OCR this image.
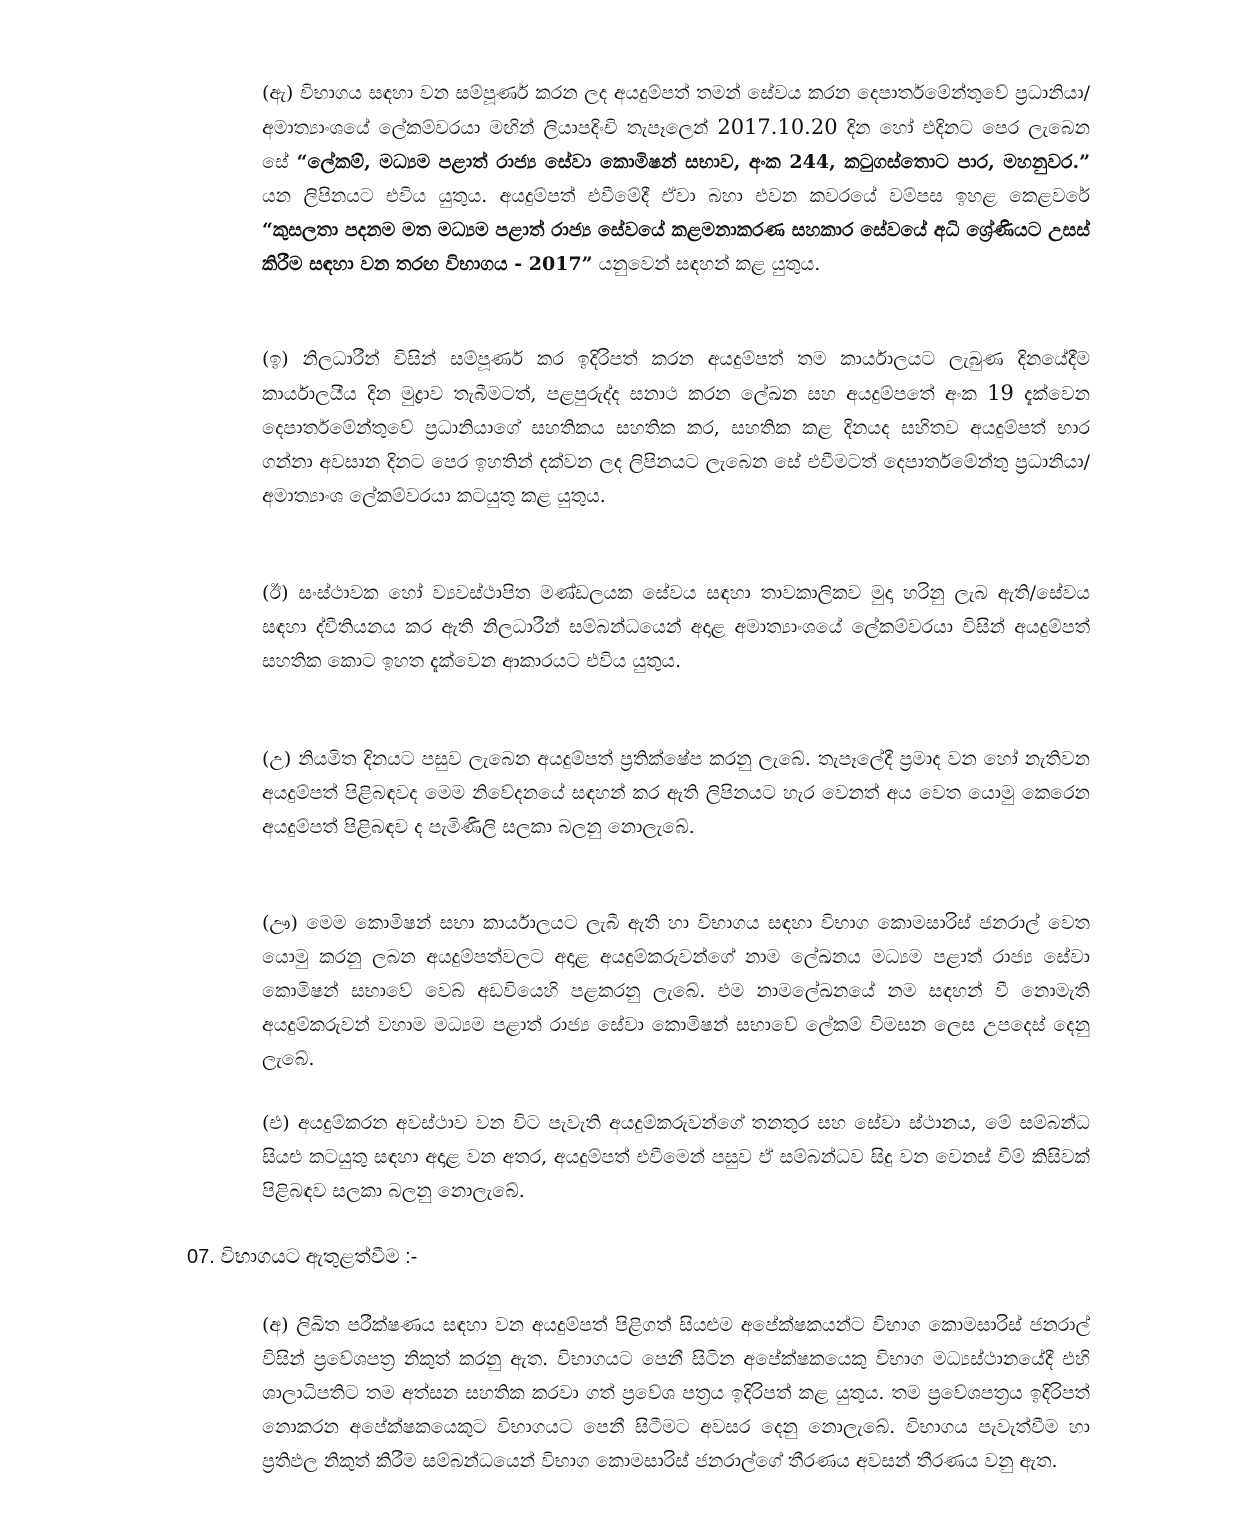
(ඇ) විභාගය සඳහා වන සම්පූර්ණ කරන ලද අයදුම්පත් තමන් සේවය කරන දෙපාර්තමේන්තුවේ ප්‍රධානියා/අමාත්‍යාංශයේ ලේකම්වරයා මඟින් ලියාපදිංචි තැපෑලෙන් 2017.10.20 දින හෝ එදිනට පෙර ලැබෙන සේ “ලේකම්, මධ්‍යම පළාත් රාජ්‍ය සේවා කොමිෂන් සභාව, අංක 244, කටුගස්තොට පාර, මහනුවර.” යන ලිපිනයට එවිය යුතුය. අයදුම්පත් එවීමේදී ඒවා බහා එවන කවරයේ වම්පස ඉහළ කෙළවරේ “කුසලතා පදනම මත මධ්‍යම පළාත් රාජ්‍ය සේවයේ කළමනාකරණ සහකාර සේවයේ අධි ශ්‍රේණියට උසස් කිරීම සඳහා වන තරඟ විභාගය - 2017” යනුවෙන් සඳහන් කළ යුතුය.

(ඉ) නිලධාරීන් විසින් සම්පූර්ණ කර ඉදිරිපත් කරන අයදුම්පත් තම කාර්යාලයට ලැබුණ දිනයේදීම කාර්යාලයීය දින මුද්‍රාව තැබීමටත්, පළපුරුද්ද සනාථ කරන ලේඛන සහ අයදුම්පතේ අංක 19 දැක්වෙන දෙපාර්තමේන්තුවේ ප්‍රධානියාගේ සහතිකය සහතික කර, සහතික කළ දිනයද සහිතව අයදුම්පත් භාර ගන්නා අවසාන දිනට පෙර ඉහතින් දක්වන ලද ලිපිනයට ලැබෙන සේ එවීමටත් දෙපාර්තමේන්තු ප්‍රධානියා/අමාත්‍යාංශ ලේකම්වරයා කටයුතු කළ යුතුය.

(ඊ) සංස්ථාවක හෝ ව්‍යවස්ථාපිත මණ්ඩලයක සේවය සඳහා තාවකාලිකව මුදා හරිනු ලැබ ඇති/සේවය සඳහා ද්වීතියනය කර ඇති නිලධාරීන් සම්බන්ධයෙන් අදාළ අමාත්‍යාංශයේ ලේකම්වරයා විසින් අයදුම්පත් සහතික කොට ඉහත දැක්වෙන ආකාරයට එවිය යුතුය.

(උ) නියමිත දිනයට පසුව ලැබෙන අයදුම්පත් ප්‍රතික්ෂේප කරනු ලැබේ. තැපෑලේදී ප්‍රමාද වන හෝ නැතිවන අයදුම්පත් පිළිබඳවද මෙම නිවේදනයේ සඳහන් කර ඇති ලිපිනයට හැර වෙනත් අය වෙත යොමු කෙරෙන අයදුම්පත් පිළිබඳව ද පැමිණිලි සලකා බලනු නොලැබේ.

(ඌ) මෙම කොමිෂන් සභා කාර්යාලයට ලැබී ඇති හා විභාගය සඳහා විභාග කොමසාරිස් ජනරාල් වෙත යොමු කරනු ලබන අයදුම්පත්වලට අදාළ අයදුම්කරුවන්ගේ නාම ලේඛනය මධ්‍යම පළාත් රාජ්‍ය සේවා කොමිෂන් සභාවේ වෙබ් අඩවියෙහි පළකරනු ලැබේ. එම නාමලේඛනයේ නම සඳහන් වී නොමැති අයදුම්කරුවන් වහාම මධ්‍යම පළාත් රාජ්‍ය සේවා කොමිෂන් සභාවේ ලේකම් විමසන ලෙස උපදෙස් දෙනු ලැබේ.

(එ) අයදුම්කරන අවස්ථාව වන විට පැවැති අයදුම්කරුවන්ගේ තනතුර සහ සේවා ස්ථානය, මේ සම්බන්ධ සියළු කටයුතු සඳහා අදාළ වන අතර, අයදුම්පත් එවීමෙන් පසුව ඒ සම්බන්ධව සිදු වන වෙනස් වීම් කිසිවක් පිළිබඳව සලකා බලනු නොලැබේ.

07. විභාගයට ඇතුළත්වීම :-

(අ) ලිඛිත පරීක්ෂණය සඳහා වන අයදුම්පත් පිළිගත් සියළුම අපේක්ෂකයන්ට විභාග කොමසාරිස් ජනරාල් විසින් ප්‍රවේශපත්‍ර නිකුත් කරනු ඇත. විභාගයට පෙනී සිටින අපේක්ෂකයෙකු විභාග මධ්‍යස්ථානයේදී එහි ශාලාධිපතිට තම අත්සන සහතික කරවා ගත් ප්‍රවේශ පත්‍රය ඉදිරිපත් කළ යුතුය. තම ප්‍රවේශපත්‍රය ඉදිරිපත් නොකරන අපේක්ෂකයෙකුට විභාගයට පෙනී සිටීමට අවසර දෙනු නොලැබේ. විභාගය පැවැත්වීම හා ප්‍රතිඵල නිකුත් කිරීම සම්බන්ධයෙන් විභාග කොමසාරිස් ජනරාල්ගේ තීරණය අවසන් තීරණය වනු ඇත.
